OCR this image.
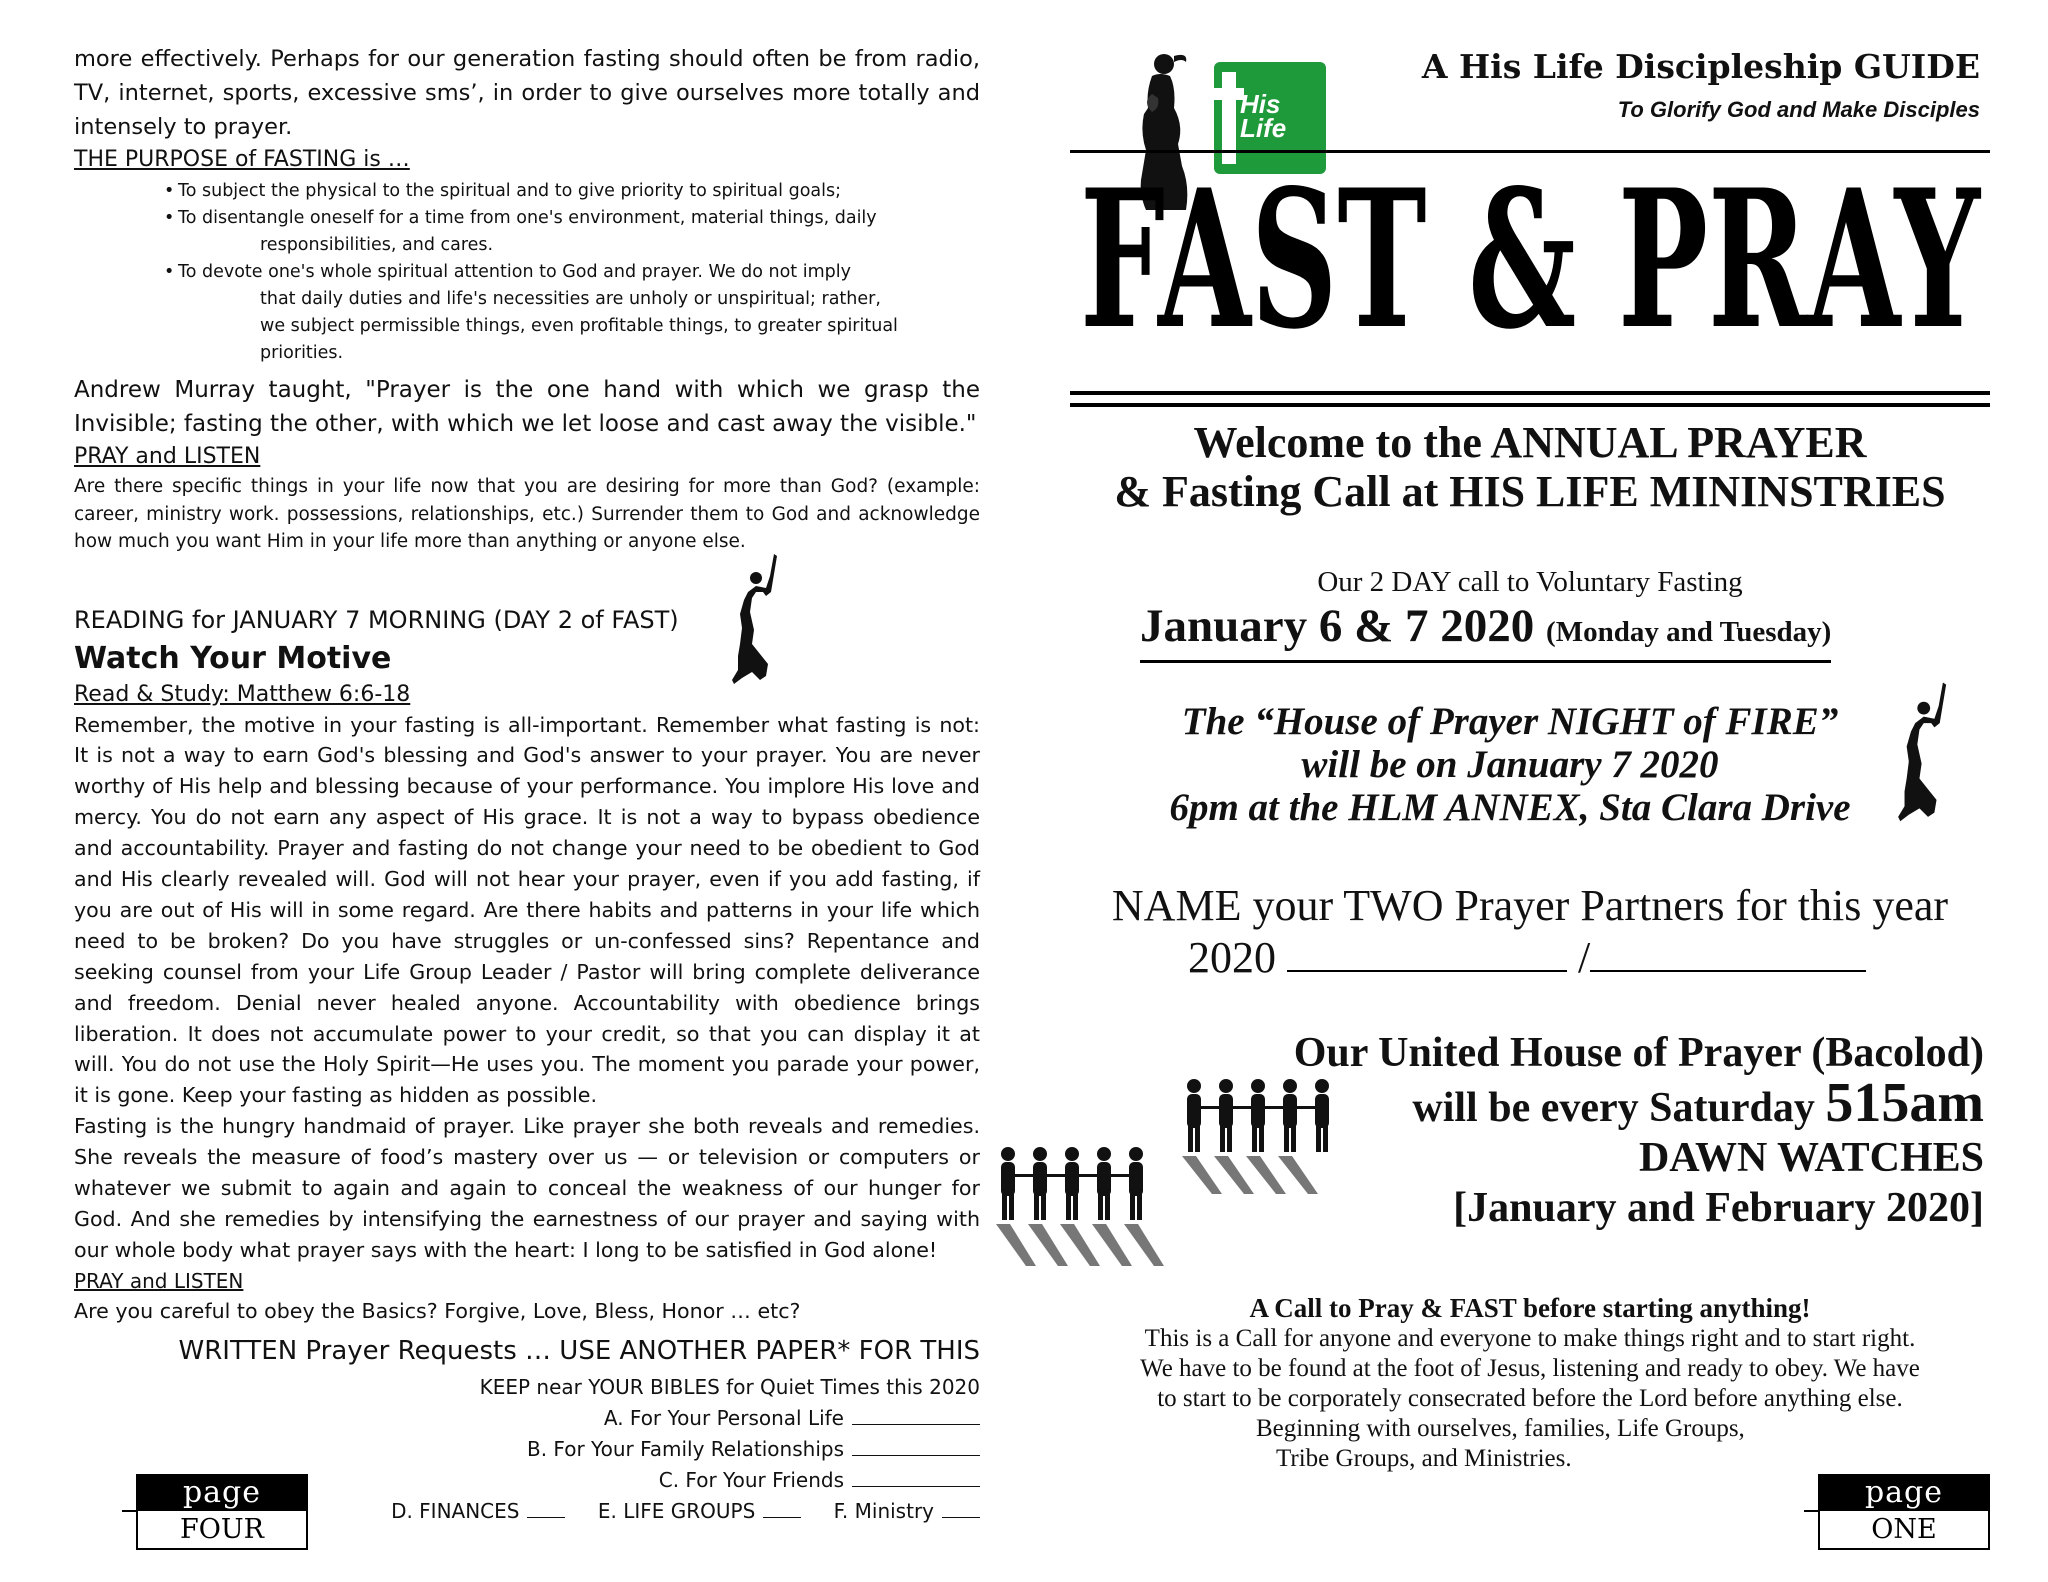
more effectively. Perhaps for our generation fasting should often be from radio, TV, internet, sports, excessive sms’, in order to give ourselves more totally and intensely to prayer.

THE PURPOSE of FASTING is …

• To subject the physical to the spiritual and to give priority to spiritual goals;
• To disentangle oneself for a time from one's environment, material things, daily
responsibilities, and cares.
• To devote one's whole spiritual attention to God and prayer. We do not imply
that daily duties and life's necessities are unholy or unspiritual; rather,
we subject permissible things, even profitable things, to greater spiritual
priorities.

Andrew Murray taught, "Prayer is the one hand with which we grasp the Invisible; fasting the other, with which we let loose and cast away the visible."

PRAY and LISTEN

Are there specific things in your life now that you are desiring for more than God? (example: career, ministry work. possessions, relationships, etc.) Surrender them to God and acknowledge how much you want Him in your life more than anything or anyone else.

READING for JANUARY 7 MORNING (DAY 2 of FAST)

Watch Your Motive

Read & Study: Matthew 6:6-18

Remember, the motive in your fasting is all-important. Remember what fasting is not: It is not a way to earn God's blessing and God's answer to your prayer. You are never worthy of His help and blessing because of your performance. You implore His love and mercy. You do not earn any aspect of His grace. It is not a way to bypass obedience and accountability. Prayer and fasting do not change your need to be obedient to God and His clearly revealed will. God will not hear your prayer, even if you add fasting, if you are out of His will in some regard. Are there habits and patterns in your life which need to be broken? Do you have struggles or un-confessed sins? Repentance and seeking counsel from your Life Group Leader / Pastor will bring complete deliverance and freedom. Denial never healed anyone. Accountability with obedience brings liberation. It does not accumulate power to your credit, so that you can display it at will. You do not use the Holy Spirit—He uses you. The moment you parade your power, it is gone. Keep your fasting as hidden as possible.

Fasting is the hungry handmaid of prayer. Like prayer she both reveals and remedies. She reveals the measure of food’s mastery over us — or television or computers or whatever we submit to again and again to conceal the weakness of our hunger for God. And she remedies by intensifying the earnestness of our prayer and saying with our whole body what prayer says with the heart: I long to be satisfied in God alone!

PRAY and LISTEN

Are you careful to obey the Basics? Forgive, Love, Bless, Honor … etc?

WRITTEN Prayer Requests … USE ANOTHER PAPER* FOR THIS

KEEP near YOUR BIBLES for Quiet Times this 2020

A. For Your Personal Life

B. For Your Family Relationships

C. For Your Friends

D. FINANCES	E. LIFE GROUPS	F. Ministry

page
FOUR
His
Life
A His Life Discipleship GUIDE
To Glorify God and Make Disciples
FAST & PRAY
Welcome to the ANNUAL PRAYER
& Fasting Call at HIS LIFE MININSTRIES
Our 2 DAY call to Voluntary Fasting
January 6 & 7 2020 (Monday and Tuesday)
The “House of Prayer NIGHT of FIRE”
will be on January 7 2020
6pm at the HLM ANNEX, Sta Clara Drive
NAME your TWO Prayer Partners for this year
2020	/
Our United House of Prayer (Bacolod)
will be every Saturday 515am
DAWN WATCHES
[January and February 2020]
A Call to Pray & FAST before starting anything!
This is a Call for anyone and everyone to make things right and to start right.
We have to be found at the foot of Jesus, listening and ready to obey. We have
to start to be corporately consecrated before the Lord before anything else.
Beginning with ourselves, families, Life Groups,
Tribe Groups, and Ministries.
page
ONE
